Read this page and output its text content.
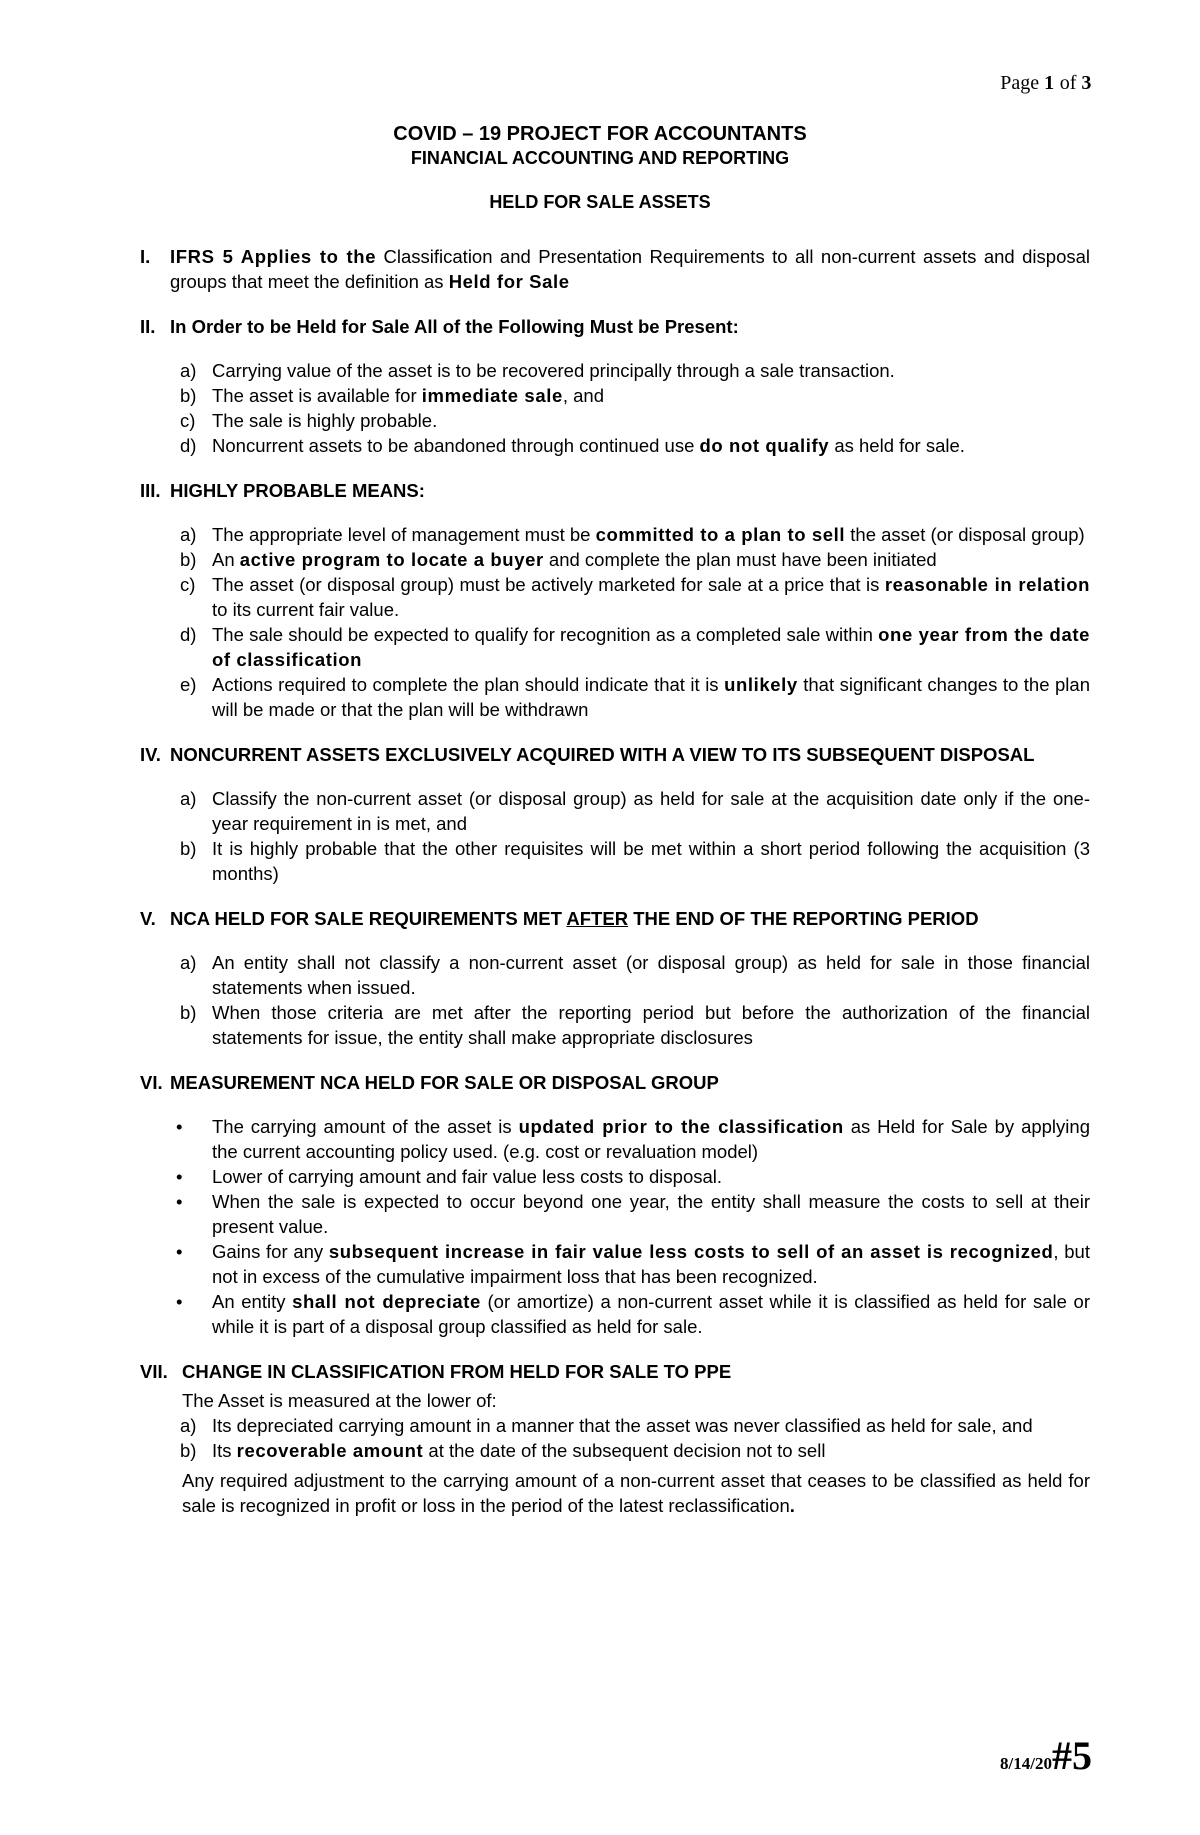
Page 1 of 3
COVID – 19 PROJECT FOR ACCOUNTANTS
FINANCIAL ACCOUNTING AND REPORTING
HELD FOR SALE ASSETS
I. IFRS 5 Applies to the Classification and Presentation Requirements to all non-current assets and disposal groups that meet the definition as Held for Sale
II. In Order to be Held for Sale All of the Following Must be Present:
a) Carrying value of the asset is to be recovered principally through a sale transaction.
b) The asset is available for immediate sale, and
c) The sale is highly probable.
d) Noncurrent assets to be abandoned through continued use do not qualify as held for sale.
III. HIGHLY PROBABLE MEANS:
a) The appropriate level of management must be committed to a plan to sell the asset (or disposal group)
b) An active program to locate a buyer and complete the plan must have been initiated
c) The asset (or disposal group) must be actively marketed for sale at a price that is reasonable in relation to its current fair value.
d) The sale should be expected to qualify for recognition as a completed sale within one year from the date of classification
e) Actions required to complete the plan should indicate that it is unlikely that significant changes to the plan will be made or that the plan will be withdrawn
IV. NONCURRENT ASSETS EXCLUSIVELY ACQUIRED WITH A VIEW TO ITS SUBSEQUENT DISPOSAL
a) Classify the non-current asset (or disposal group) as held for sale at the acquisition date only if the one-year requirement in is met, and
b) It is highly probable that the other requisites will be met within a short period following the acquisition (3 months)
V. NCA HELD FOR SALE REQUIREMENTS MET AFTER THE END OF THE REPORTING PERIOD
a) An entity shall not classify a non-current asset (or disposal group) as held for sale in those financial statements when issued.
b) When those criteria are met after the reporting period but before the authorization of the financial statements for issue, the entity shall make appropriate disclosures
VI. MEASUREMENT NCA HELD FOR SALE OR DISPOSAL GROUP
• The carrying amount of the asset is updated prior to the classification as Held for Sale by applying the current accounting policy used. (e.g. cost or revaluation model)
• Lower of carrying amount and fair value less costs to disposal.
• When the sale is expected to occur beyond one year, the entity shall measure the costs to sell at their present value.
• Gains for any subsequent increase in fair value less costs to sell of an asset is recognized, but not in excess of the cumulative impairment loss that has been recognized.
• An entity shall not depreciate (or amortize) a non-current asset while it is classified as held for sale or while it is part of a disposal group classified as held for sale.
VII. CHANGE IN CLASSIFICATION FROM HELD FOR SALE TO PPE
The Asset is measured at the lower of:
a) Its depreciated carrying amount in a manner that the asset was never classified as held for sale, and
b) Its recoverable amount at the date of the subsequent decision not to sell
Any required adjustment to the carrying amount of a non-current asset that ceases to be classified as held for sale is recognized in profit or loss in the period of the latest reclassification.
8/14/20#5
